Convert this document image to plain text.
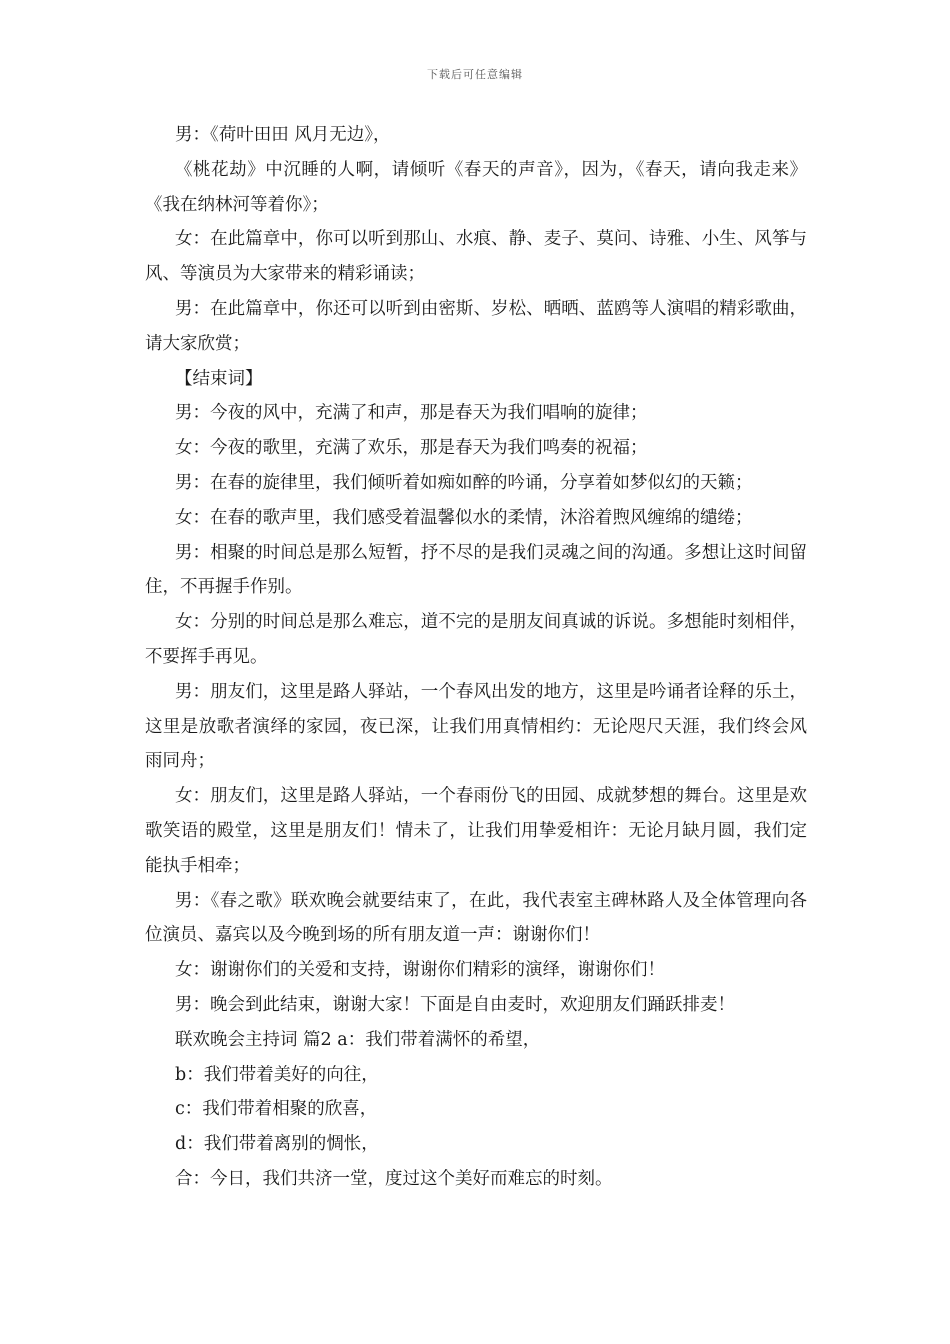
下载后可任意编辑

男：《荷叶田田 风月无边》，

《桃花劫》中沉睡的人啊，请倾听《春天的声音》，因为，《春天，请向我走来》《我在纳林河等着你》；

女：在此篇章中，你可以听到那山、水痕、静、麦子、莫问、诗雅、小生、风筝与风、等演员为大家带来的精彩诵读；

男：在此篇章中，你还可以听到由密斯、岁松、晒晒、蓝鸥等人演唱的精彩歌曲，请大家欣赏；

【结束词】

男：今夜的风中，充满了和声，那是春天为我们唱响的旋律；

女：今夜的歌里，充满了欢乐，那是春天为我们鸣奏的祝福；

男：在春的旋律里，我们倾听着如痴如醉的吟诵，分享着如梦似幻的天籁；

女：在春的歌声里，我们感受着温馨似水的柔情，沐浴着煦风缠绵的缱绻；

男：相聚的时间总是那么短暂，抒不尽的是我们灵魂之间的沟通。多想让这时间留住，不再握手作别。

女：分别的时间总是那么难忘，道不完的是朋友间真诚的诉说。多想能时刻相伴，不要挥手再见。

男：朋友们，这里是路人驿站，一个春风出发的地方，这里是吟诵者诠释的乐土，这里是放歌者演绎的家园，夜已深，让我们用真情相约：无论咫尺天涯，我们终会风雨同舟；

女：朋友们，这里是路人驿站，一个春雨份飞的田园、成就梦想的舞台。这里是欢歌笑语的殿堂，这里是朋友们！情未了，让我们用挚爱相许：无论月缺月圆，我们定能执手相牵；

男：《春之歌》联欢晚会就要结束了，在此，我代表室主碑林路人及全体管理向各位演员、嘉宾以及今晚到场的所有朋友道一声：谢谢你们！

女：谢谢你们的关爱和支持，谢谢你们精彩的演绎，谢谢你们！

男：晚会到此结束，谢谢大家！下面是自由麦时，欢迎朋友们踊跃排麦！

联欢晚会主持词 篇2 a：我们带着满怀的希望，

b：我们带着美好的向往，

c：我们带着相聚的欣喜，

d：我们带着离别的惆怅，

合：今日，我们共济一堂，度过这个美好而难忘的时刻。
